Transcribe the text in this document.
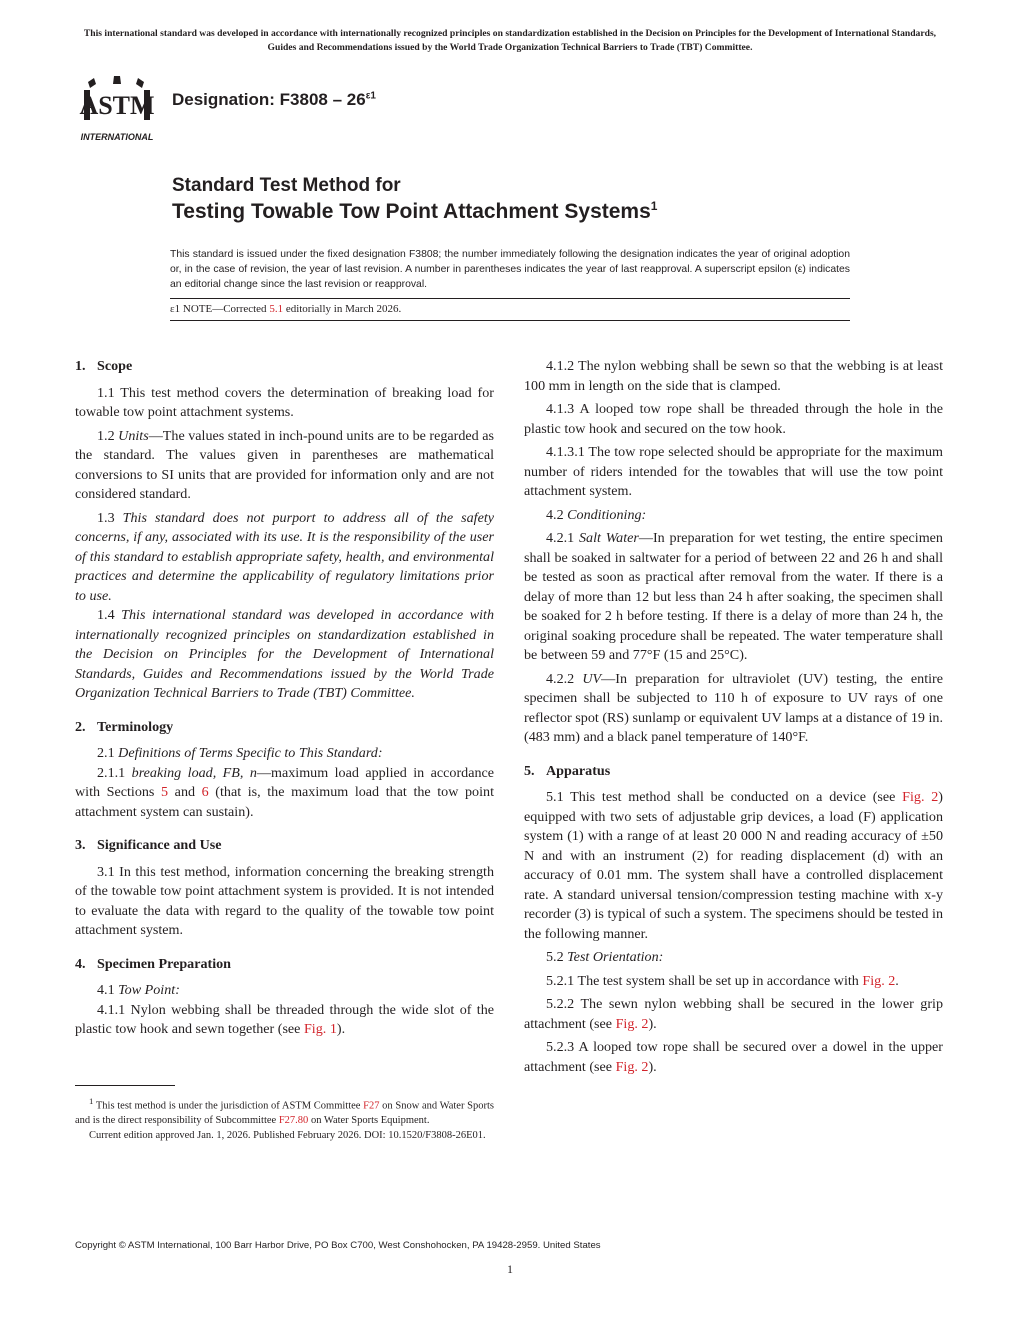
This international standard was developed in accordance with internationally recognized principles on standardization established in the Decision on Principles for the Development of International Standards, Guides and Recommendations issued by the World Trade Organization Technical Barriers to Trade (TBT) Committee.
ASTM
INTERNATIONAL
Designation: $F3808 - 26^{\varepsilon 1}$
Standard Test Method for
Testing Towable Tow Point Attachment Systems$^1$
This standard is issued under the fixed designation F3808; the number immediately following the designation indicates the year of original adoption or, in the case of revision, the year of last revision. A number in parentheses indicates the year of last reapproval. A superscript epsilon (ε) indicates an editorial change since the last revision or reapproval.
ε1 NOTE—Corrected 5.1 editorially in March 2026.
1. Scope

1.1 This test method covers the determination of breaking load for towable tow point attachment systems.

1.2 Units—The values stated in inch-pound units are to be regarded as the standard. The values given in parentheses are mathematical conversions to SI units that are provided for information only and are not considered standard.

1.3 This standard does not purport to address all of the safety concerns, if any, associated with its use. It is the responsibility of the user of this standard to establish appropriate safety, health, and environmental practices and determine the applicability of regulatory limitations prior to use.

1.4 This international standard was developed in accordance with internationally recognized principles on standardization established in the Decision on Principles for the Development of International Standards, Guides and Recommendations issued by the World Trade Organization Technical Barriers to Trade (TBT) Committee.

2. Terminology

2.1 Definitions of Terms Specific to This Standard:

2.1.1 breaking load, FB, n—maximum load applied in accordance with Sections 5 and 6 (that is, the maximum load that the tow point attachment system can sustain).

3. Significance and Use

3.1 In this test method, information concerning the breaking strength of the towable tow point attachment system is provided. It is not intended to evaluate the data with regard to the quality of the towable tow point attachment system.

4. Specimen Preparation

4.1 Tow Point:

4.1.1 Nylon webbing shall be threaded through the wide slot of the plastic tow hook and sewn together (see Fig. 1).

4.1.2 The nylon webbing shall be sewn so that the webbing is at least 100 mm in length on the side that is clamped.

4.1.3 A looped tow rope shall be threaded through the hole in the plastic tow hook and secured on the tow hook.

4.1.3.1 The tow rope selected should be appropriate for the maximum number of riders intended for the towables that will use the tow point attachment system.

4.2 Conditioning:

4.2.1 Salt Water—In preparation for wet testing, the entire specimen shall be soaked in saltwater for a period of between 22 and 26 h and shall be tested as soon as practical after removal from the water. If there is a delay of more than 12 but less than 24 h after soaking, the specimen shall be soaked for 2 h before testing. If there is a delay of more than 24 h, the original soaking procedure shall be repeated. The water temperature shall be between 59 and 77°F (15 and 25°C).

4.2.2 UV—In preparation for ultraviolet (UV) testing, the entire specimen shall be subjected to 110 h of exposure to UV rays of one reflector spot (RS) sunlamp or equivalent UV lamps at a distance of 19 in. (483 mm) and a black panel temperature of 140°F.

5. Apparatus

5.1 This test method shall be conducted on a device (see Fig. 2) equipped with two sets of adjustable grip devices, a load (F) application system (1) with a range of at least 20 000 N and reading accuracy of ±50 N and with an instrument (2) for reading displacement (d) with an accuracy of 0.01 mm. The system shall have a controlled displacement rate. A standard universal tension/compression testing machine with x-y recorder (3) is typical of such a system. The specimens should be tested in the following manner.

5.2 Test Orientation:

5.2.1 The test system shall be set up in accordance with Fig. 2.

5.2.2 The sewn nylon webbing shall be secured in the lower grip attachment (see Fig. 2).

5.2.3 A looped tow rope shall be secured over a dowel in the upper attachment (see Fig. 2).

$^1$ This test method is under the jurisdiction of ASTM Committee F27 on Snow and Water Sports and is the direct responsibility of Subcommittee F27.80 on Water Sports Equipment.

Current edition approved Jan. 1, 2026. Published February 2026. DOI: 10.1520/F3808-26E01.

Copyright © ASTM International, 100 Barr Harbor Drive, PO Box C700, West Conshohocken, PA 19428-2959. United States
1
